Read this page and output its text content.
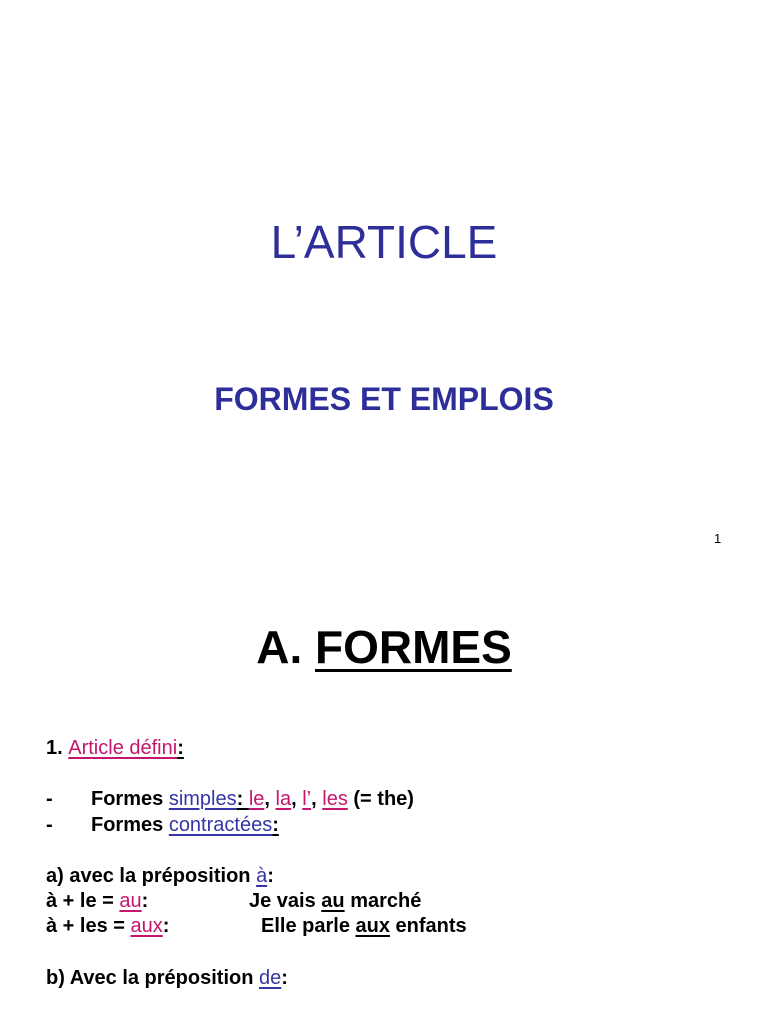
L’ARTICLE
FORMES ET EMPLOIS
1
A. FORMES
1. Article défini:
- Formes simples: le, la, l’, les (= the)
- Formes contractées:
a) avec la préposition à:
à + le = au:	Je vais au marché
à + les = aux:	Elle parle aux enfants
b) Avec la préposition de:
